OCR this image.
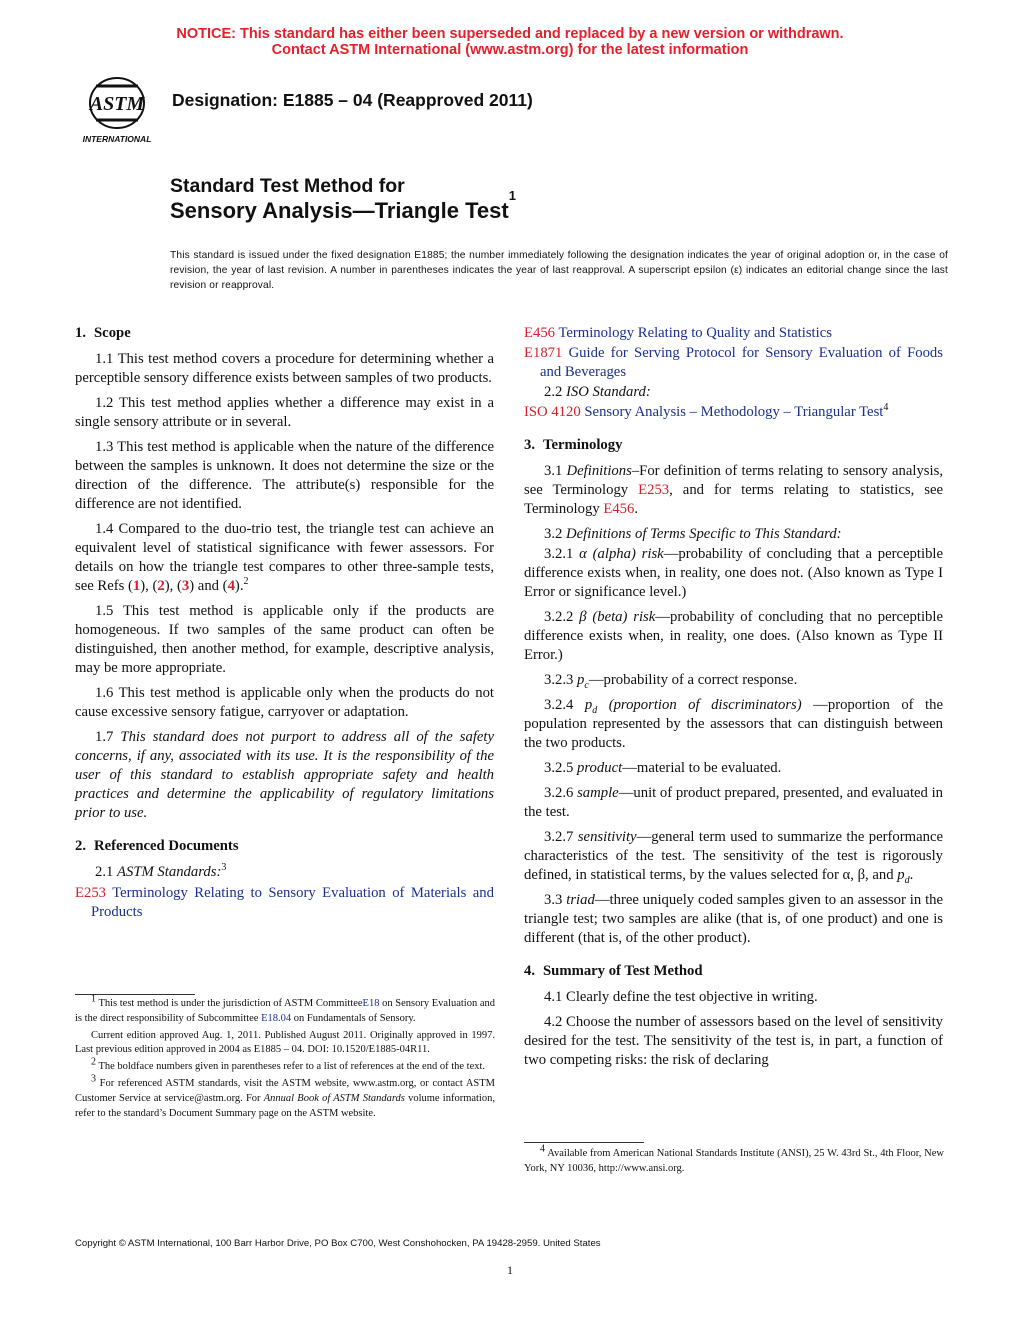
NOTICE: This standard has either been superseded and replaced by a new version or withdrawn.
Contact ASTM International (www.astm.org) for the latest information
ASTM
INTERNATIONAL
Designation: E1885 – 04 (Reapproved 2011)
Standard Test Method for
Sensory Analysis—Triangle Test$^1$
This standard is issued under the fixed designation E1885; the number immediately following the designation indicates the year of original adoption or, in the case of revision, the year of last revision. A number in parentheses indicates the year of last reapproval. A superscript epsilon (ε) indicates an editorial change since the last revision or reapproval.
1. Scope

1.1 This test method covers a procedure for determining whether a perceptible sensory difference exists between samples of two products.

1.2 This test method applies whether a difference may exist in a single sensory attribute or in several.

1.3 This test method is applicable when the nature of the difference between the samples is unknown. It does not determine the size or the direction of the difference. The attribute(s) responsible for the difference are not identified.

1.4 Compared to the duo-trio test, the triangle test can achieve an equivalent level of statistical significance with fewer assessors. For details on how the triangle test compares to other three-sample tests, see Refs (1), (2), (3) and (4).$^2$

1.5 This test method is applicable only if the products are homogeneous. If two samples of the same product can often be distinguished, then another method, for example, descriptive analysis, may be more appropriate.

1.6 This test method is applicable only when the products do not cause excessive sensory fatigue, carryover or adaptation.

1.7 This standard does not purport to address all of the safety concerns, if any, associated with its use. It is the responsibility of the user of this standard to establish appropriate safety and health practices and determine the applicability of regulatory limitations prior to use.

2. Referenced Documents

2.1 ASTM Standards:$^3$

E253 Terminology Relating to Sensory Evaluation of Materials and Products

$^1$ This test method is under the jurisdiction of ASTM CommitteeE18 on Sensory Evaluation and is the direct responsibility of Subcommittee E18.04 on Fundamentals of Sensory.

Current edition approved Aug. 1, 2011. Published August 2011. Originally approved in 1997. Last previous edition approved in 2004 as E1885 – 04. DOI: 10.1520/E1885-04R11.

$^2$ The boldface numbers given in parentheses refer to a list of references at the end of the text.

$^3$ For referenced ASTM standards, visit the ASTM website, www.astm.org, or contact ASTM Customer Service at service@astm.org. For Annual Book of ASTM Standards volume information, refer to the standard’s Document Summary page on the ASTM website.

E456 Terminology Relating to Quality and Statistics
E1871 Guide for Serving Protocol for Sensory Evaluation of Foods and Beverages

2.2 ISO Standard:

ISO 4120 Sensory Analysis – Methodology – Triangular Test$^4$
3. Terminology

3.1 Definitions–For definition of terms relating to sensory analysis, see Terminology E253, and for terms relating to statistics, see Terminology E456.

3.2 Definitions of Terms Specific to This Standard:

3.2.1 α (alpha) risk—probability of concluding that a perceptible difference exists when, in reality, one does not. (Also known as Type I Error or significance level.)

3.2.2 β (beta) risk—probability of concluding that no perceptible difference exists when, in reality, one does. (Also known as Type II Error.)

3.2.3 $p_c—probability$ of a correct response.

3.2.4 $p_d$ (proportion of discriminators) —proportion of the population represented by the assessors that can distinguish between the two products.

3.2.5 product—material to be evaluated.

3.2.6 sample—unit of product prepared, presented, and evaluated in the test.

3.2.7 sensitivity—general term used to summarize the performance characteristics of the test. The sensitivity of the test is rigorously defined, in statistical terms, by the values selected for α, β, and $p_d$.

3.3 triad—three uniquely coded samples given to an assessor in the triangle test; two samples are alike (that is, of one product) and one is different (that is, of the other product).

4. Summary of Test Method

4.1 Clearly define the test objective in writing.

4.2 Choose the number of assessors based on the level of sensitivity desired for the test. The sensitivity of the test is, in part, a function of two competing risks: the risk of declaring

$^4$ Available from American National Standards Institute (ANSI), 25 W. 43rd St., 4th Floor, New York, NY 10036, http://www.ansi.org.

Copyright © ASTM International, 100 Barr Harbor Drive, PO Box C700, West Conshohocken, PA 19428-2959. United States
1
